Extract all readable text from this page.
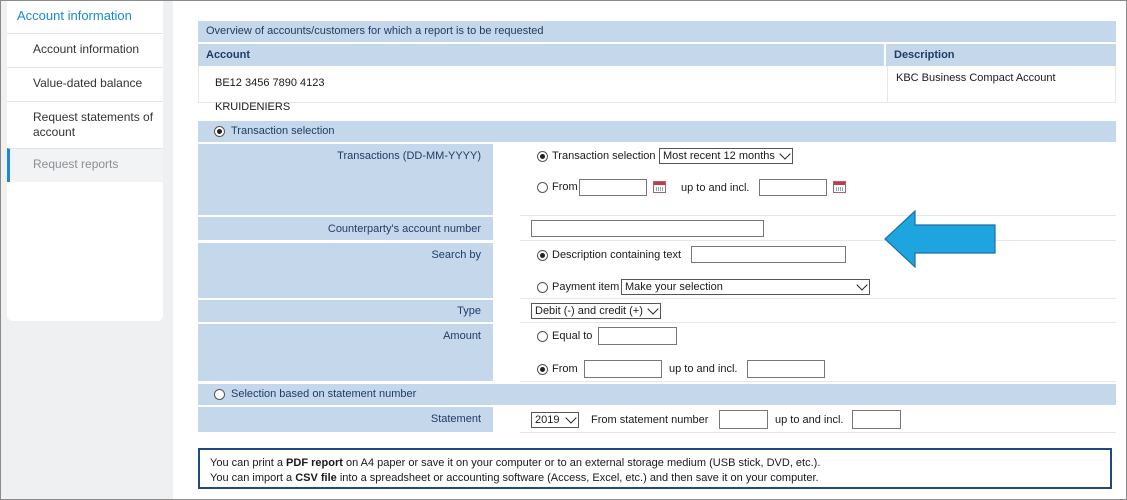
Account information
Account information
Value-dated balance
Request statements of account
Request reports
Overview of accounts/customers for which a report is to be requested
Account	Description
BE12 3456 7890 4123
KRUIDENIERS
KBC Business Compact Account
Transaction selection
Transactions (DD-MM-YYYY)	Transaction selection Most recent 12 months
From	up to and incl.
Counterparty's account number
Search by	Description containing text
Payment item Make your selection
Type	Debit (-) and credit (+)
Amount	Equal to
From	up to and incl.
Selection based on statement number
Statement	2019	From statement number	up to and incl.
You can print a PDF report on A4 paper or save it on your computer or to an external storage medium (USB stick, DVD, etc.).
You can import a CSV file into a spreadsheet or accounting software (Access, Excel, etc.) and then save it on your computer.
